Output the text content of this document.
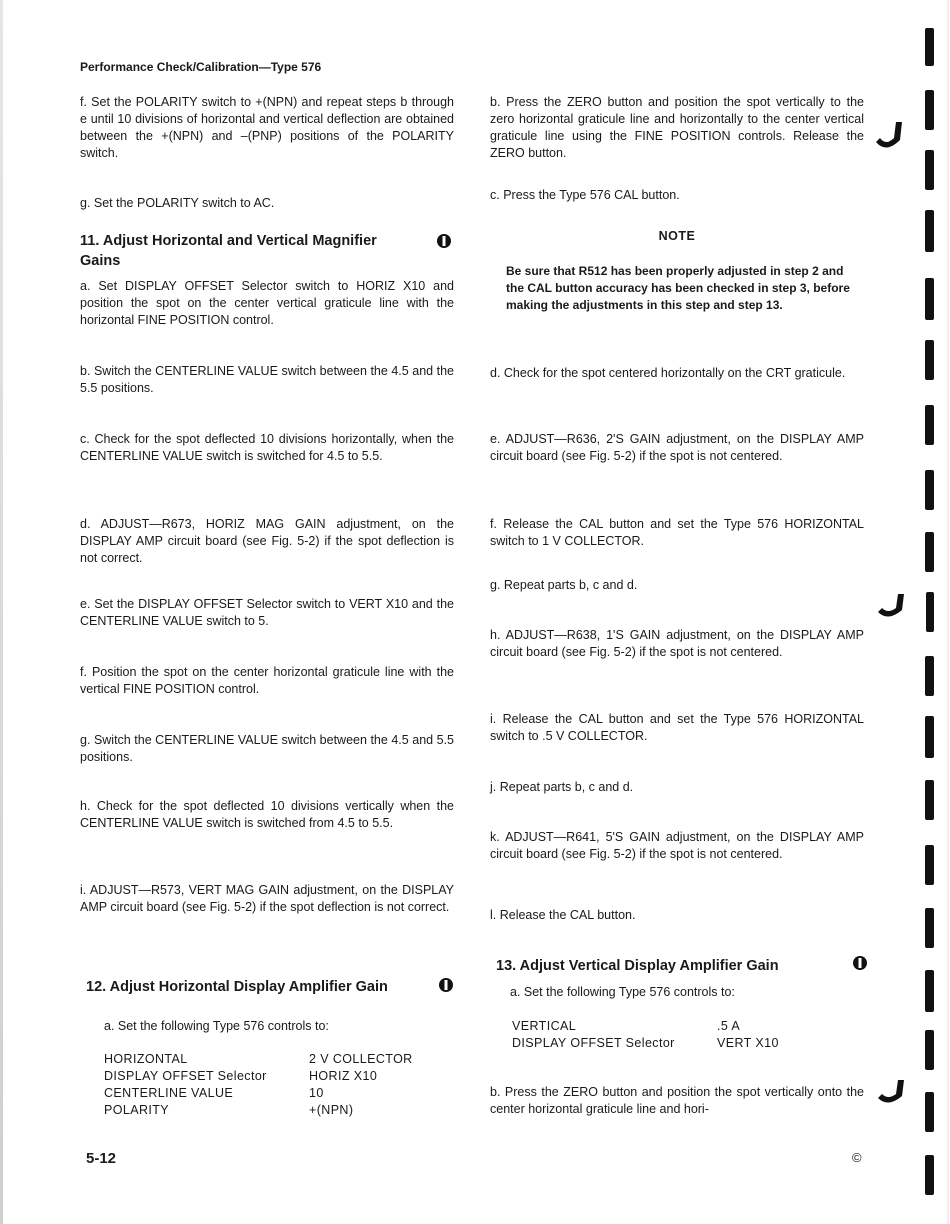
Performance Check/Calibration—Type 576
f. Set the POLARITY switch to +(NPN) and repeat steps b through e until 10 divisions of horizontal and vertical deflection are obtained between the +(NPN) and –(PNP) positions of the POLARITY switch.
g. Set the POLARITY switch to AC.
11. Adjust Horizontal and Vertical Magnifier Gains
a. Set DISPLAY OFFSET Selector switch to HORIZ X10 and position the spot on the center vertical graticule line with the horizontal FINE POSITION control.
b. Switch the CENTERLINE VALUE switch between the 4.5 and the 5.5 positions.
c. Check for the spot deflected 10 divisions horizontally, when the CENTERLINE VALUE switch is switched for 4.5 to 5.5.
d. ADJUST—R673, HORIZ MAG GAIN adjustment, on the DISPLAY AMP circuit board (see Fig. 5-2) if the spot deflection is not correct.
e. Set the DISPLAY OFFSET Selector switch to VERT X10 and the CENTERLINE VALUE switch to 5.
f. Position the spot on the center horizontal graticule line with the vertical FINE POSITION control.
g. Switch the CENTERLINE VALUE switch between the 4.5 and 5.5 positions.
h. Check for the spot deflected 10 divisions vertically when the CENTERLINE VALUE switch is switched from 4.5 to 5.5.
i. ADJUST—R573, VERT MAG GAIN adjustment, on the DISPLAY AMP circuit board (see Fig. 5-2) if the spot deflection is not correct.
12. Adjust Horizontal Display Amplifier Gain
a. Set the following Type 576 controls to:
HORIZONTAL	2 V COLLECTOR
DISPLAY OFFSET Selector	HORIZ X10
CENTERLINE VALUE	10
POLARITY	+(NPN)
b. Press the ZERO button and position the spot vertically to the zero horizontal graticule line and horizontally to the center vertical graticule line using the FINE POSITION controls. Release the ZERO button.
c. Press the Type 576 CAL button.
NOTE
Be sure that R512 has been properly adjusted in step 2 and the CAL button accuracy has been checked in step 3, before making the adjustments in this step and step 13.
d. Check for the spot centered horizontally on the CRT graticule.
e. ADJUST—R636, 2'S GAIN adjustment, on the DISPLAY AMP circuit board (see Fig. 5-2) if the spot is not centered.
f. Release the CAL button and set the Type 576 HORIZONTAL switch to 1 V COLLECTOR.
g. Repeat parts b, c and d.
h. ADJUST—R638, 1'S GAIN adjustment, on the DISPLAY AMP circuit board (see Fig. 5-2) if the spot is not centered.
i. Release the CAL button and set the Type 576 HORIZONTAL switch to .5 V COLLECTOR.
j. Repeat parts b, c and d.
k. ADJUST—R641, 5'S GAIN adjustment, on the DISPLAY AMP circuit board (see Fig. 5-2) if the spot is not centered.
l. Release the CAL button.
13. Adjust Vertical Display Amplifier Gain
a. Set the following Type 576 controls to:
VERTICAL	.5 A
DISPLAY OFFSET Selector	VERT X10
b. Press the ZERO button and position the spot vertically onto the center horizontal graticule line and hori-
5-12	©
